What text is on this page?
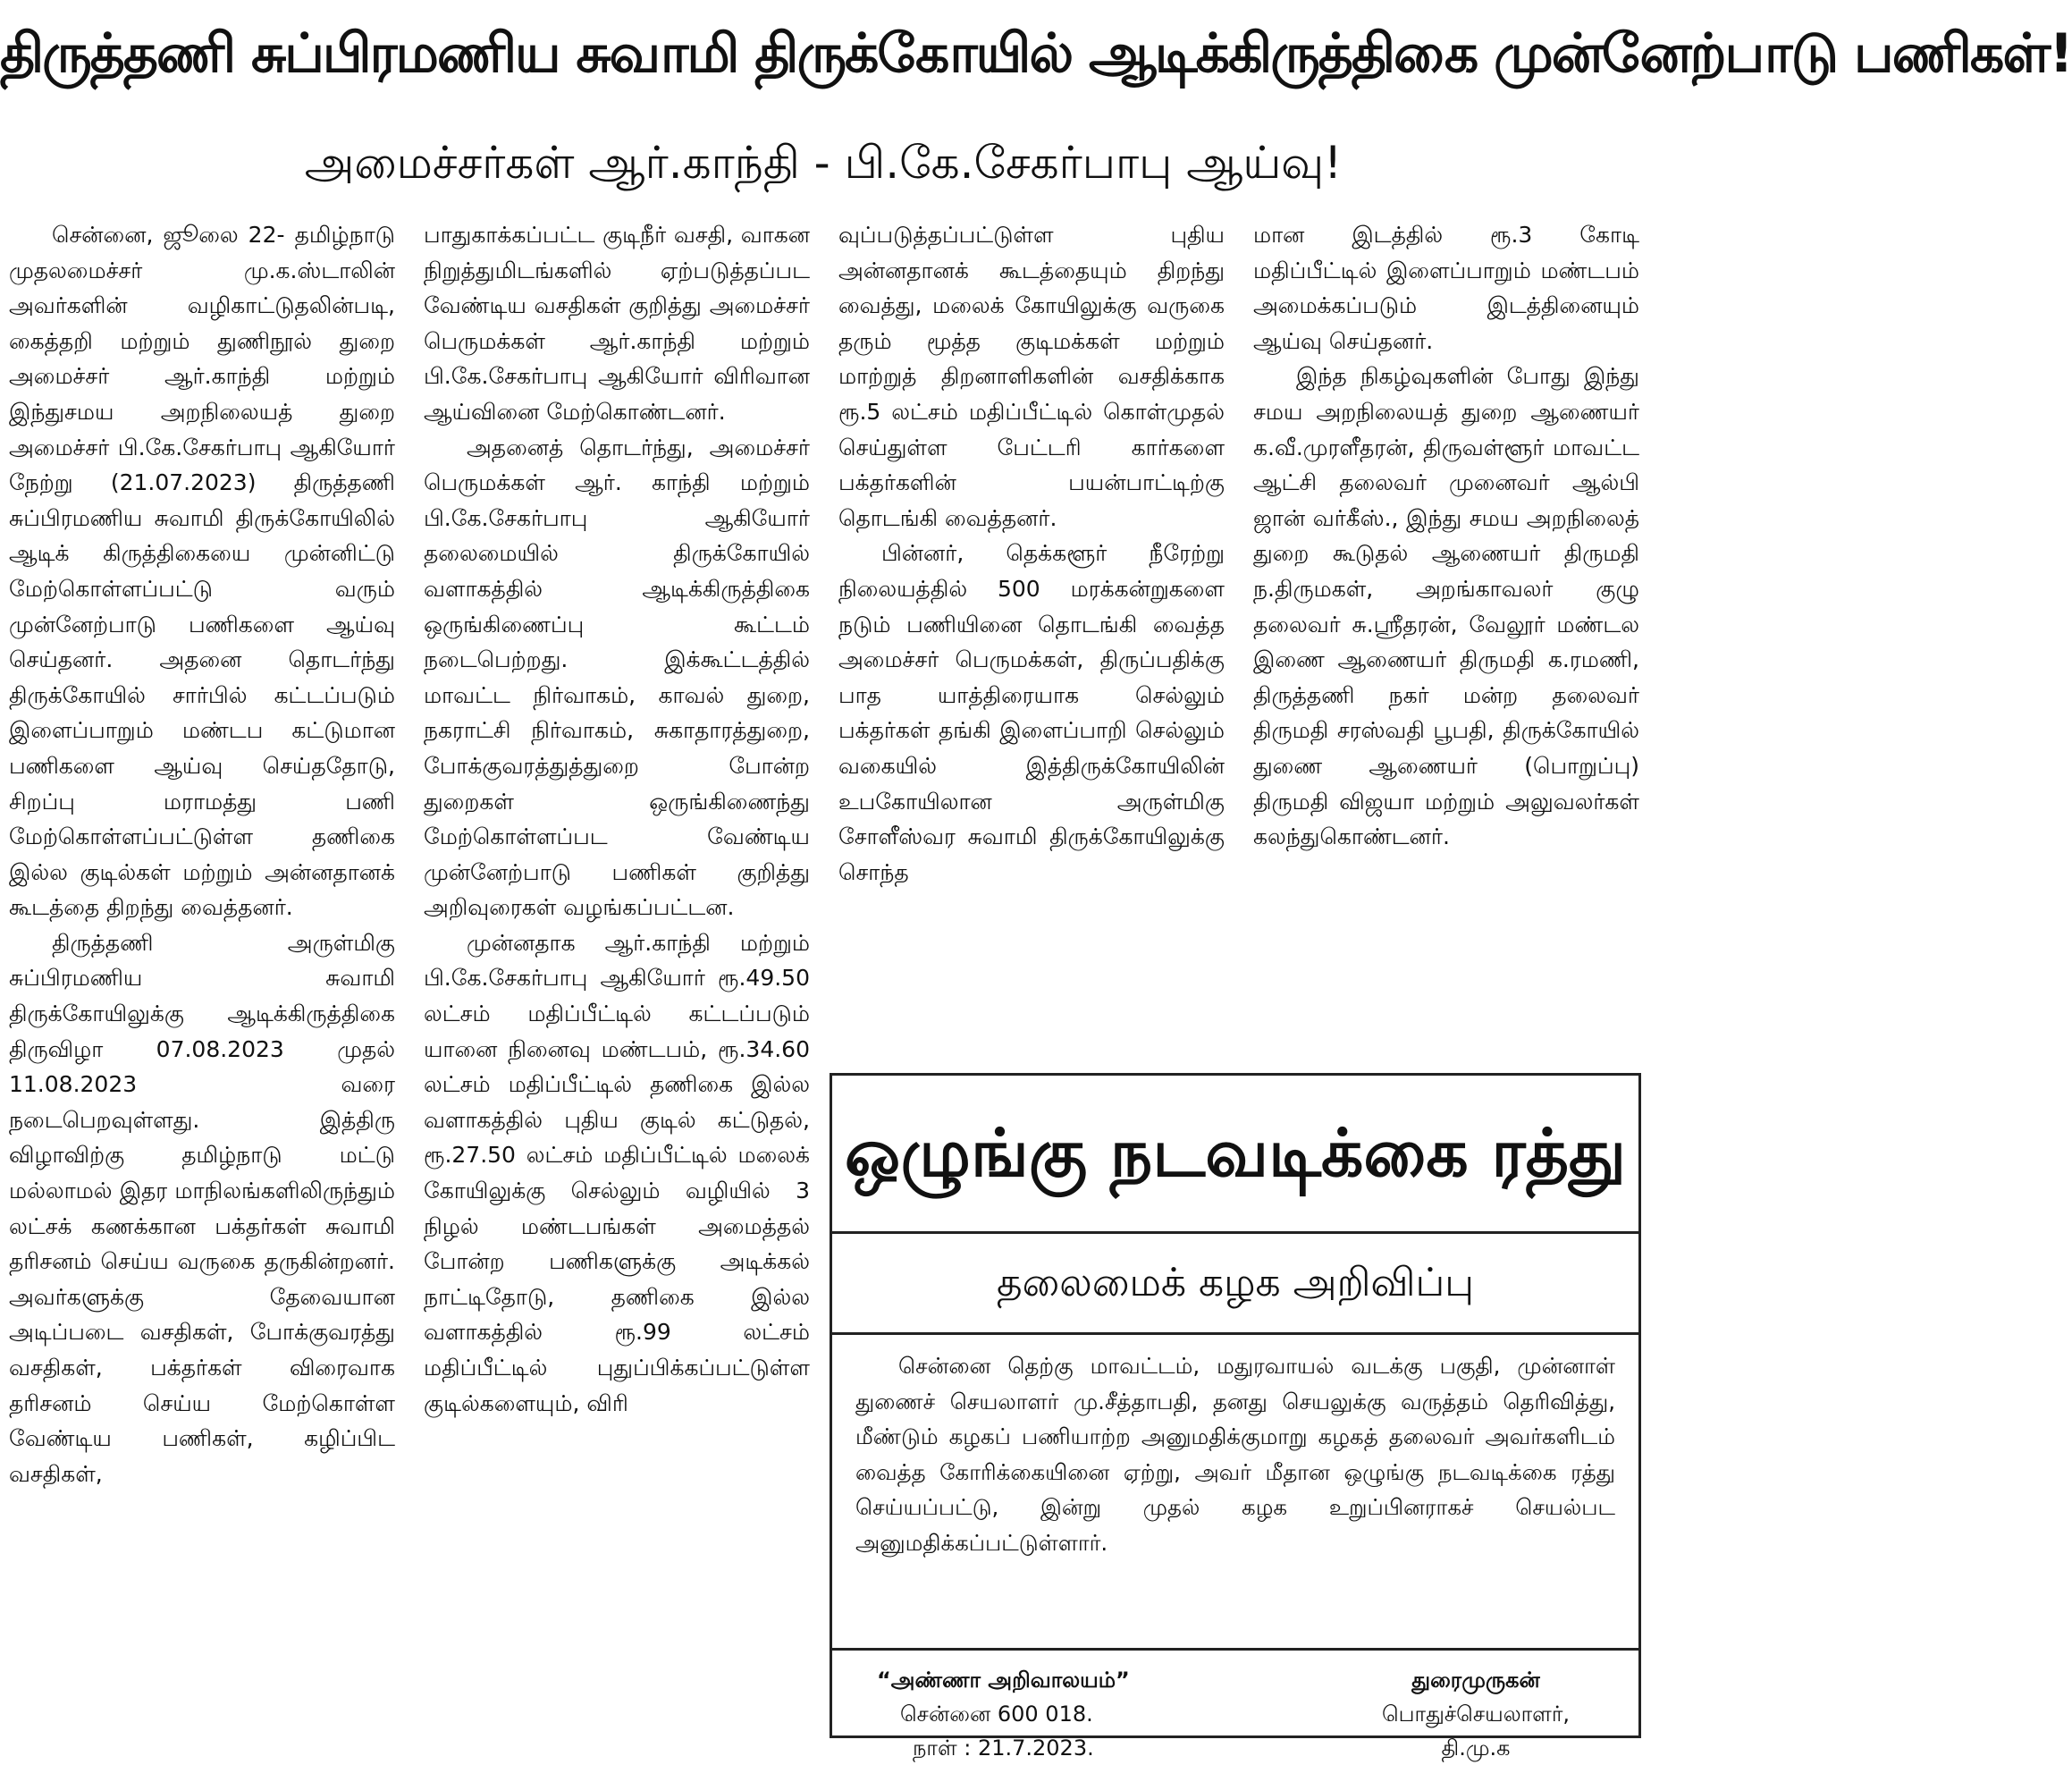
திருத்தணி சுப்பிரமணிய சுவாமி திருக்கோயில் ஆடிக்கிருத்திகை முன்னேற்பாடு பணிகள்!
அமைச்சர்கள் ஆர்.காந்தி - பி.கே.சேகர்பாபு ஆய்வு!

சென்னை, ஜூலை 22- தமிழ்நாடு முதலமைச்சர் மு.க.ஸ்டாலின் அவர்களின் வழிகாட்டுதலின்படி, கைத்தறி மற்றும் துணிநூல் துறை அமைச்சர் ஆர்.காந்தி மற்றும் இந்துசமய அறநிலையத் துறை அமைச்சர் பி.கே.சேகர்பாபு ஆகியோர் நேற்று (21.07.2023) திருத்தணி சுப்பிரமணிய சுவாமி திருக்கோயிலில் ஆடிக் கிருத்திகையை முன்னிட்டு மேற்கொள்ளப்பட்டு வரும் முன்னேற்பாடு பணிகளை ஆய்வு செய்தனர். அதனை தொடர்ந்து திருக்கோயில் சார்பில் கட்டப்படும் இளைப்பாறும் மண்டப கட்டுமான பணிகளை ஆய்வு செய்ததோடு, சிறப்பு மராமத்து பணி மேற்கொள்ளப்பட்டுள்ள தணிகை இல்ல குடில்கள் மற்றும் அன்னதானக் கூடத்தை திறந்து வைத்தனர்.

திருத்தணி அருள்மிகு சுப்பிரமணிய சுவாமி திருக்கோயிலுக்கு ஆடிக்கிருத்திகை திருவிழா 07.08.2023 முதல் 11.08.2023 வரை நடைபெறவுள்ளது. இத்திரு விழாவிற்கு தமிழ்நாடு மட்டு மல்லாமல் இதர மாநிலங்களிலிருந்தும் லட்சக் கணக்கான பக்தர்கள் சுவாமி தரிசனம் செய்ய வருகை தருகின்றனர். அவர்களுக்கு தேவையான அடிப்படை வசதிகள், போக்குவரத்து வசதிகள், பக்தர்கள் விரைவாக தரிசனம் செய்ய மேற்கொள்ள வேண்டிய பணிகள், கழிப்பிட வசதிகள்,

பாதுகாக்கப்பட்ட குடிநீர் வசதி, வாகன நிறுத்துமிடங்களில் ஏற்படுத்தப்பட வேண்டிய வசதிகள் குறித்து அமைச்சர் பெருமக்கள் ஆர்.காந்தி மற்றும் பி.கே.சேகர்பாபு ஆகியோர் விரிவான ஆய்வினை மேற்கொண்டனர்.

அதனைத் தொடர்ந்து, அமைச்சர் பெருமக்கள் ஆர். காந்தி மற்றும் பி.கே.சேகர்பாபு ஆகியோர் தலைமையில் திருக்கோயில் வளாகத்தில் ஆடிக்கிருத்திகை ஒருங்கிணைப்பு கூட்டம் நடைபெற்றது. இக்கூட்டத்தில் மாவட்ட நிர்வாகம், காவல் துறை, நகராட்சி நிர்வாகம், சுகாதாரத்துறை, போக்குவரத்துத்துறை போன்ற துறைகள் ஒருங்கிணைந்து மேற்கொள்ளப்பட வேண்டிய முன்னேற்பாடு பணிகள் குறித்து அறிவுரைகள் வழங்கப்பட்டன.

முன்னதாக ஆர்.காந்தி மற்றும் பி.கே.சேகர்பாபு ஆகியோர் ரூ.49.50 லட்சம் மதிப்பீட்டில் கட்டப்படும் யானை நினைவு மண்டபம், ரூ.34.60 லட்சம் மதிப்பீட்டில் தணிகை இல்ல வளாகத்தில் புதிய குடில் கட்டுதல், ரூ.27.50 லட்சம் மதிப்பீட்டில் மலைக் கோயிலுக்கு செல்லும் வழியில் 3 நிழல் மண்டபங்கள் அமைத்தல் போன்ற பணிகளுக்கு அடிக்கல் நாட்டிதோடு, தணிகை இல்ல வளாகத்தில் ரூ.99 லட்சம் மதிப்பீட்டில் புதுப்பிக்கப்பட்டுள்ள குடில்களையும், விரி

வுப்படுத்தப்பட்டுள்ள புதிய அன்னதானக் கூடத்தையும் திறந்து வைத்து, மலைக் கோயிலுக்கு வருகை தரும் மூத்த குடிமக்கள் மற்றும் மாற்றுத் திறனாளிகளின் வசதிக்காக ரூ.5 லட்சம் மதிப்பீட்டில் கொள்முதல் செய்துள்ள பேட்டரி கார்களை பக்தர்களின் பயன்பாட்டிற்கு தொடங்கி வைத்தனர்.

பின்னர், தெக்களூர் நீரேற்று நிலையத்தில் 500 மரக்கன்றுகளை நடும் பணியினை தொடங்கி வைத்த அமைச்சர் பெருமக்கள், திருப்பதிக்கு பாத யாத்திரையாக செல்லும் பக்தர்கள் தங்கி இளைப்பாறி செல்லும் வகையில் இத்திருக்கோயிலின் உபகோயிலான அருள்மிகு சோளீஸ்வர சுவாமி திருக்கோயிலுக்கு சொந்த

மான இடத்தில் ரூ.3 கோடி மதிப்பீட்டில் இளைப்பாறும் மண்டபம் அமைக்கப்படும் இடத்தினையும் ஆய்வு செய்தனர்.

இந்த நிகழ்வுகளின் போது இந்து சமய அறநிலையத் துறை ஆணையர் க.வீ.முரளீதரன், திருவள்ளூர் மாவட்ட ஆட்சி தலைவர் முனைவர் ஆல்பி ஜான் வர்கீஸ்., இந்து சமய அறநிலைத் துறை கூடுதல் ஆணையர் திருமதி ந.திருமகள், அறங்காவலர் குழு தலைவர் சு.ஸ்ரீதரன், வேலூர் மண்டல இணை ஆணையர் திருமதி க.ரமணி, திருத்தணி நகர் மன்ற தலைவர் திருமதி சரஸ்வதி பூபதி, திருக்கோயில் துணை ஆணையர் (பொறுப்பு) திருமதி விஜயா மற்றும் அலுவலர்கள் கலந்துகொண்டனர்.

ஒழுங்கு நடவடிக்கை ரத்து
தலைமைக் கழக அறிவிப்பு
சென்னை தெற்கு மாவட்டம், மதுரவாயல் வடக்கு பகுதி, முன்னாள் துணைச் செயலாளர் மு.சீத்தாபதி, தனது செயலுக்கு வருத்தம் தெரிவித்து, மீண்டும் கழகப் பணியாற்ற அனுமதிக்குமாறு கழகத் தலைவர் அவர்களிடம் வைத்த கோரிக்கையினை ஏற்று, அவர் மீதான ஒழுங்கு நடவடிக்கை ரத்து செய்யப்பட்டு, இன்று முதல் கழக உறுப்பினராகச் செயல்பட அனுமதிக்கப்பட்டுள்ளார்.
“அண்ணா அறிவாலயம்”
சென்னை 600 018.
நாள் : 21.7.2023.
துரைமுருகன்
பொதுச்செயலாளர்,
தி.மு.க
